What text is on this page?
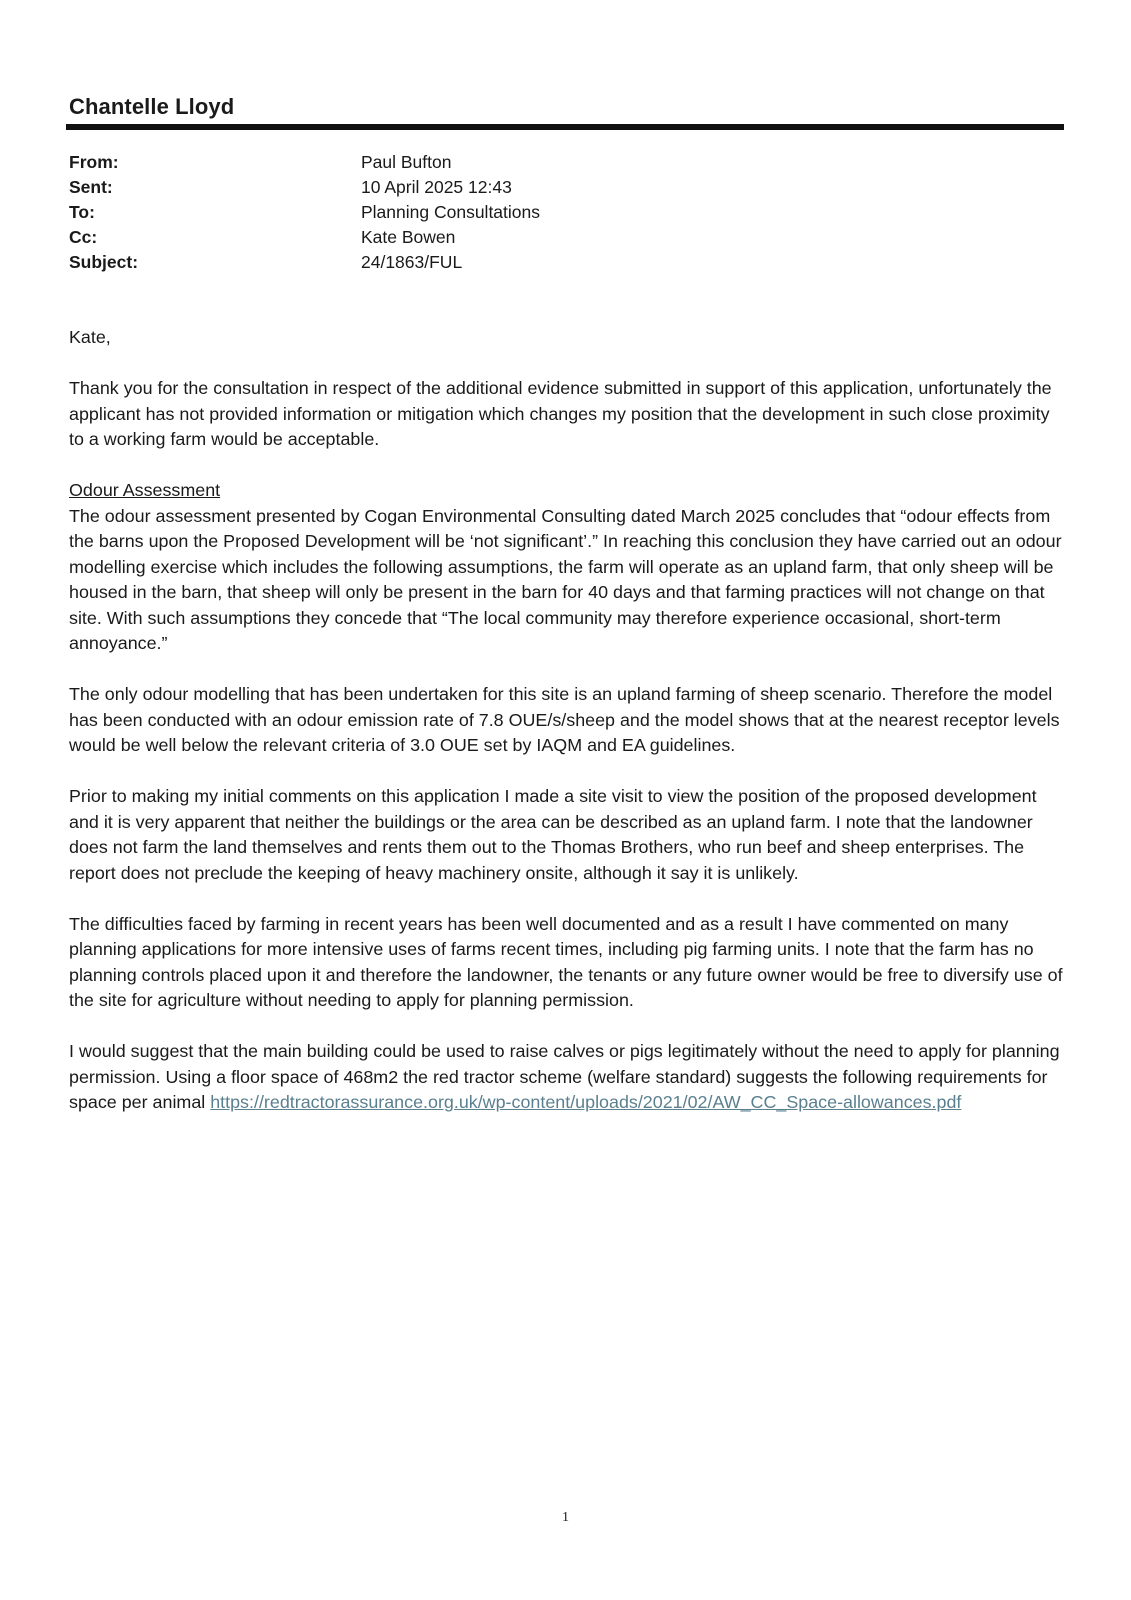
Chantelle Lloyd
From:	Paul Bufton
Sent:	10 April 2025 12:43
To:	Planning Consultations
Cc:	Kate Bowen
Subject:	24/1863/FUL

Kate,

Thank you for the consultation in respect of the additional evidence submitted in support of this application, unfortunately the applicant has not provided information or mitigation which changes my position that the development in such close proximity to a working farm would be acceptable.

Odour Assessment

The odour assessment presented by Cogan Environmental Consulting dated March 2025 concludes that “odour effects from the barns upon the Proposed Development will be ‘not significant’.” In reaching this conclusion they have carried out an odour modelling exercise which includes the following assumptions, the farm will operate as an upland farm, that only sheep will be housed in the barn, that sheep will only be present in the barn for 40 days and that farming practices will not change on that site. With such assumptions they concede that “The local community may therefore experience occasional, short-term annoyance.”

The only odour modelling that has been undertaken for this site is an upland farming of sheep scenario. Therefore the model has been conducted with an odour emission rate of 7.8 OUE/s/sheep and the model shows that at the nearest receptor levels would be well below the relevant criteria of 3.0 OUE set by IAQM and EA guidelines.

Prior to making my initial comments on this application I made a site visit to view the position of the proposed development and it is very apparent that neither the buildings or the area can be described as an upland farm. I note that the landowner does not farm the land themselves and rents them out to the Thomas Brothers, who run beef and sheep enterprises. The report does not preclude the keeping of heavy machinery onsite, although it say it is unlikely.

The difficulties faced by farming in recent years has been well documented and as a result I have commented on many planning applications for more intensive uses of farms recent times, including pig farming units. I note that the farm has no planning controls placed upon it and therefore the landowner, the tenants or any future owner would be free to diversify use of the site for agriculture without needing to apply for planning permission.

I would suggest that the main building could be used to raise calves or pigs legitimately without the need to apply for planning permission. Using a floor space of 468m2 the red tractor scheme (welfare standard) suggests the following requirements for space per animal https://redtractorassurance.org.uk/wp-content/uploads/2021/02/AW_CC_Space-allowances.pdf

1
